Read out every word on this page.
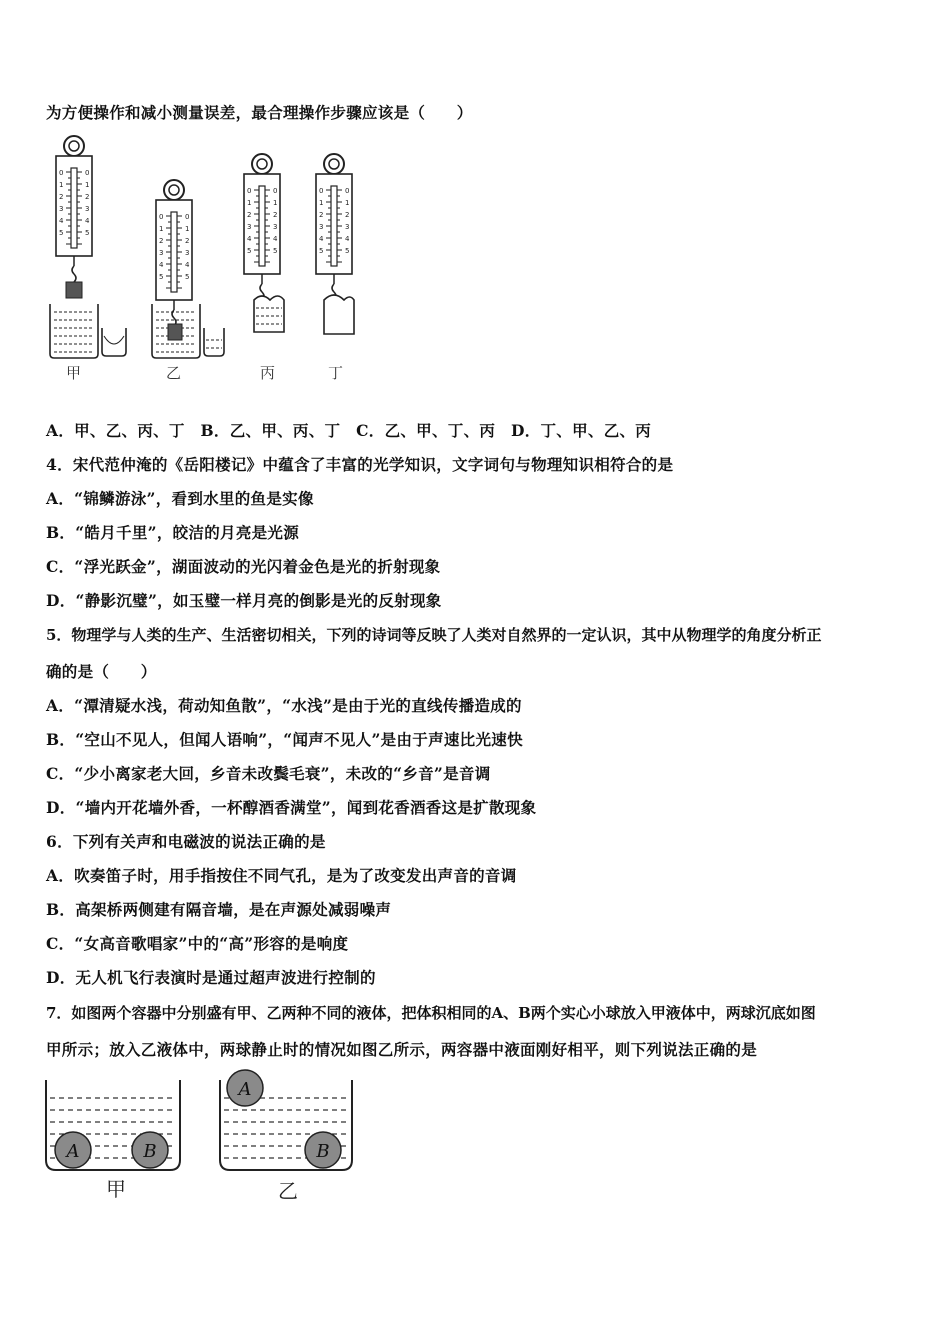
为方便操作和减小测量误差，最合理操作步骤应该是（　　）
0
1
2
3
4
5
甲	乙	丙	丁
A．甲、乙、丙、丁　B．乙、甲、丙、丁　C．乙、甲、丁、丙　D．丁、甲、乙、丙
4．宋代范仲淹的《岳阳楼记》中蕴含了丰富的光学知识，文字词句与物理知识相符合的是
A．“锦鳞游泳”，看到水里的鱼是实像
B．“皓月千里”，皎洁的月亮是光源
C．“浮光跃金”，湖面波动的光闪着金色是光的折射现象
D．“静影沉璧”，如玉璧一样月亮的倒影是光的反射现象
5．物理学与人类的生产、生活密切相关，下列的诗词等反映了人类对自然界的一定认识，其中从物理学的角度分析正
确的是（　　）
A．“潭清疑水浅，荷动知鱼散”，“水浅”是由于光的直线传播造成的
B．“空山不见人，但闻人语响”，“闻声不见人”是由于声速比光速快
C．“少小离家老大回，乡音未改鬓毛衰”，未改的“乡音”是音调
D．“墙内开花墙外香，一杯醇酒香满堂”，闻到花香酒香这是扩散现象
6．下列有关声和电磁波的说法正确的是
A．吹奏笛子时，用手指按住不同气孔，是为了改变发出声音的音调
B．高架桥两侧建有隔音墙，是在声源处减弱噪声
C．“女高音歌唱家”中的“高”形容的是响度
D．无人机飞行表演时是通过超声波进行控制的
7．如图两个容器中分别盛有甲、乙两种不同的液体，把体积相同的A、B两个实心小球放入甲液体中，两球沉底如图
甲所示；放入乙液体中，两球静止时的情况如图乙所示，两容器中液面刚好相平，则下列说法正确的是
A	B
A
B
甲	乙
